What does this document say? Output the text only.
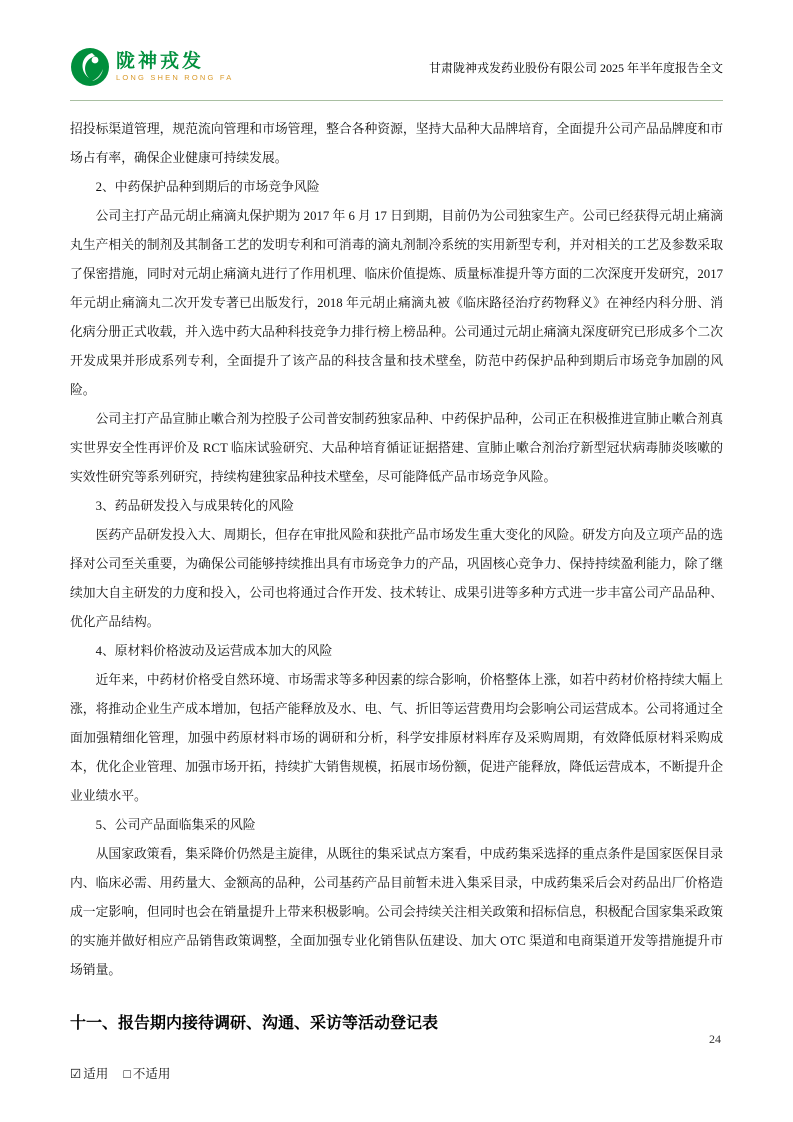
陇神戎发
LONG SHEN RONG FA
甘肃陇神戎发药业股份有限公司 2025 年半年度报告全文

招投标渠道管理，规范流向管理和市场管理，整合各种资源，坚持大品种大品牌培育，全面提升公司产品品牌度和市场占有率，确保企业健康可持续发展。

2、中药保护品种到期后的市场竞争风险

公司主打产品元胡止痛滴丸保护期为 2017 年 6 月 17 日到期，目前仍为公司独家生产。公司已经获得元胡止痛滴丸生产相关的制剂及其制备工艺的发明专利和可消毒的滴丸剂制冷系统的实用新型专利，并对相关的工艺及参数采取了保密措施，同时对元胡止痛滴丸进行了作用机理、临床价值提炼、质量标准提升等方面的二次深度开发研究，2017 年元胡止痛滴丸二次开发专著已出版发行，2018 年元胡止痛滴丸被《临床路径治疗药物释义》在神经内科分册、消化病分册正式收载，并入选中药大品种科技竞争力排行榜上榜品种。公司通过元胡止痛滴丸深度研究已形成多个二次开发成果并形成系列专利，全面提升了该产品的科技含量和技术壁垒，防范中药保护品种到期后市场竞争加剧的风险。

公司主打产品宣肺止嗽合剂为控股子公司普安制药独家品种、中药保护品种，公司正在积极推进宣肺止嗽合剂真实世界安全性再评价及 RCT 临床试验研究、大品种培育循证证据搭建、宣肺止嗽合剂治疗新型冠状病毒肺炎咳嗽的实效性研究等系列研究，持续构建独家品种技术壁垒，尽可能降低产品市场竞争风险。

3、药品研发投入与成果转化的风险

医药产品研发投入大、周期长，但存在审批风险和获批产品市场发生重大变化的风险。研发方向及立项产品的选择对公司至关重要，为确保公司能够持续推出具有市场竞争力的产品，巩固核心竞争力、保持持续盈利能力，除了继续加大自主研发的力度和投入，公司也将通过合作开发、技术转让、成果引进等多种方式进一步丰富公司产品品种、优化产品结构。

4、原材料价格波动及运营成本加大的风险

近年来，中药材价格受自然环境、市场需求等多种因素的综合影响，价格整体上涨，如若中药材价格持续大幅上涨，将推动企业生产成本增加，包括产能释放及水、电、气、折旧等运营费用均会影响公司运营成本。公司将通过全面加强精细化管理，加强中药原材料市场的调研和分析，科学安排原材料库存及采购周期，有效降低原材料采购成本，优化企业管理、加强市场开拓，持续扩大销售规模，拓展市场份额，促进产能释放，降低运营成本，不断提升企业业绩水平。

5、公司产品面临集采的风险

从国家政策看，集采降价仍然是主旋律，从既往的集采试点方案看，中成药集采选择的重点条件是国家医保目录内、临床必需、用药量大、金额高的品种，公司基药产品目前暂未进入集采目录，中成药集采后会对药品出厂价格造成一定影响，但同时也会在销量提升上带来积极影响。公司会持续关注相关政策和招标信息，积极配合国家集采政策的实施并做好相应产品销售政策调整，全面加强专业化销售队伍建设、加大 OTC 渠道和电商渠道开发等措施提升市场销量。

十一、报告期内接待调研、沟通、采访等活动登记表
☑ 适用 □ 不适用
24
